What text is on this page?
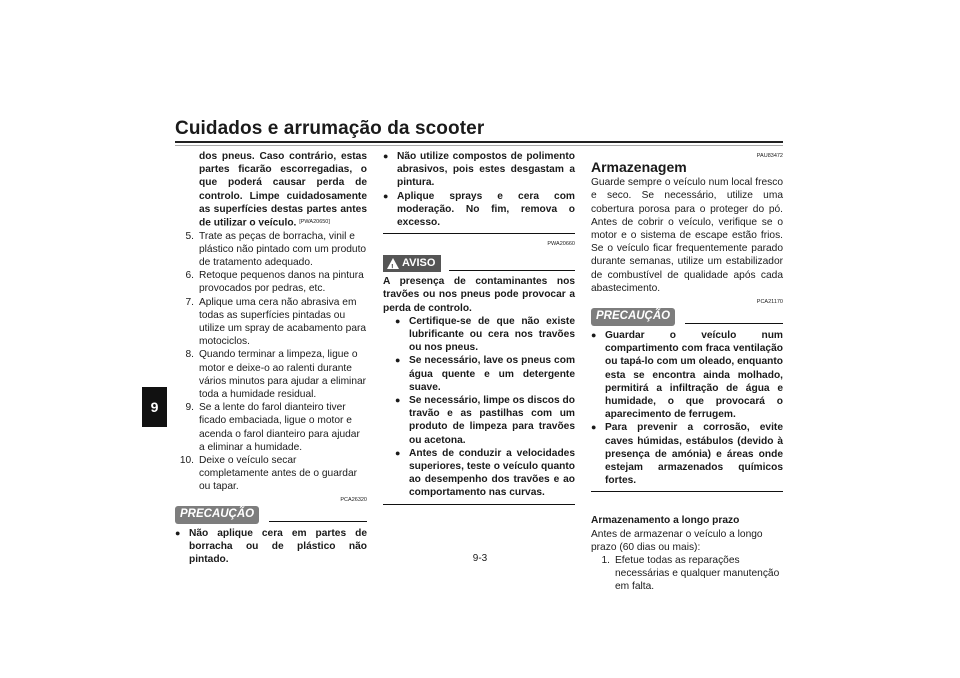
Cuidados e arrumação da scooter
9

dos pneus. Caso contrário, estas partes ficarão escorregadias, o que poderá causar perda de controlo. Limpe cuidadosamente as superfícies destas partes antes de utilizar o veículo. [PWA20650]

5. Trate as peças de borracha, vinil e plástico não pintado com um produto de tratamento adequado.
6. Retoque pequenos danos na pintura provocados por pedras, etc.
7. Aplique uma cera não abrasiva em todas as superfícies pintadas ou utilize um spray de acabamento para motociclos.
8. Quando terminar a limpeza, ligue o motor e deixe-o ao ralenti durante vários minutos para ajudar a eliminar toda a humidade residual.
9. Se a lente do farol dianteiro tiver ficado embaciada, ligue o motor e acenda o farol dianteiro para ajudar a eliminar a humidade.
10. Deixe o veículo secar completamente antes de o guardar ou tapar.
PCA26320
PRECAUÇÃO
● Não aplique cera em partes de borracha ou de plástico não pintado.
● Não utilize compostos de polimento abrasivos, pois estes desgastam a pintura.
● Aplique sprays e cera com moderação. No fim, remova o excesso.
PWA20660
! AVISO

A presença de contaminantes nos travões ou nos pneus pode provocar a perda de controlo.

● Certifique-se de que não existe lubrificante ou cera nos travões ou nos pneus.
● Se necessário, lave os pneus com água quente e um detergente suave.
● Se necessário, limpe os discos do travão e as pastilhas com um produto de limpeza para travões ou acetona.
● Antes de conduzir a velocidades superiores, teste o veículo quanto ao desempenho dos travões e ao comportamento nas curvas.
PAU83472
Armazenagem

Guarde sempre o veículo num local fresco e seco. Se necessário, utilize uma cobertura porosa para o proteger do pó. Antes de cobrir o veículo, verifique se o motor e o sistema de escape estão frios. Se o veículo ficar frequentemente parado durante semanas, utilize um estabilizador de combustível de qualidade após cada abastecimento.

PCA21170
PRECAUÇÃO
● Guardar o veículo num compartimento com fraca ventilação ou tapá-lo com um oleado, enquanto esta se encontra ainda molhado, permitirá a infiltração de água e humidade, o que provocará o aparecimento de ferrugem.
● Para prevenir a corrosão, evite caves húmidas, estábulos (devido à presença de amónia) e áreas onde estejam armazenados químicos fortes.
Armazenamento a longo prazo

Antes de armazenar o veículo a longo prazo (60 dias ou mais):

1. Efetue todas as reparações necessárias e qualquer manutenção em falta.
9-3
